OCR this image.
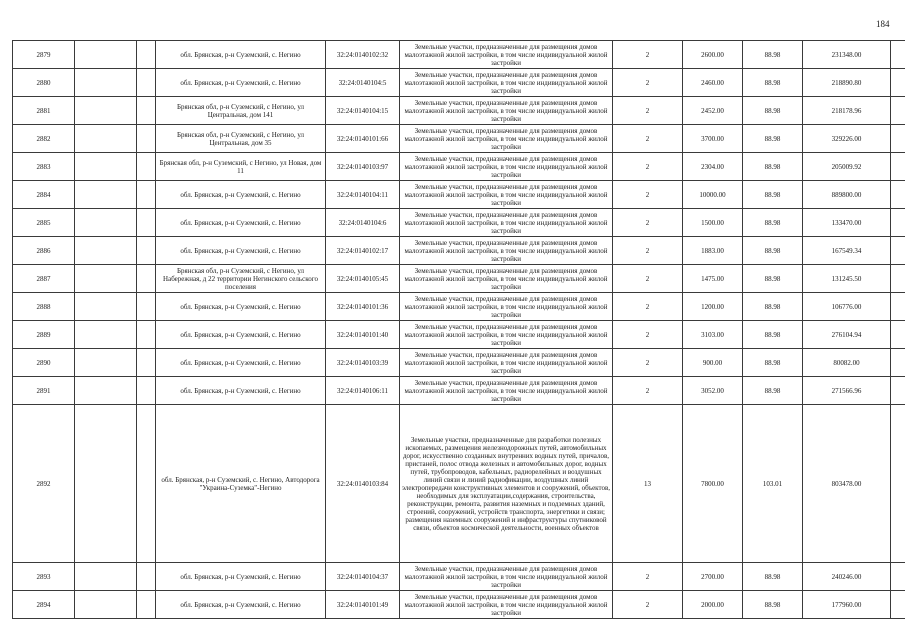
184
2879			обл. Брянская, р-н Суземский, с. Негино	32:24:0140102:32	Земельные участки, предназначенные для размещения домов малоэтажной жилой застройки, в том числе индивидуальной жилой застройки	2	2600.00	88.98	231348.00	
2880			обл. Брянская, р-н Суземский, с. Негино	32:24:0140104:5	Земельные участки, предназначенные для размещения домов малоэтажной жилой застройки, в том числе индивидуальной жилой застройки	2	2460.00	88.98	218890.80	
2881			Брянская обл, р-н Суземский, с Негино, ул Центральная, дом 141	32:24:0140104:15	Земельные участки, предназначенные для размещения домов малоэтажной жилой застройки, в том числе индивидуальной жилой застройки	2	2452.00	88.98	218178.96	
2882			Брянская обл, р-н Суземский, с Негино, ул Центральная, дом 35	32:24:0140101:66	Земельные участки, предназначенные для размещения домов малоэтажной жилой застройки, в том числе индивидуальной жилой застройки	2	3700.00	88.98	329226.00	
2883			Брянская обл, р-н Суземский, с Негино, ул Новая, дом 11	32:24:0140103:97	Земельные участки, предназначенные для размещения домов малоэтажной жилой застройки, в том числе индивидуальной жилой застройки	2	2304.00	88.98	205009.92	
2884			обл. Брянская, р-н Суземский, с. Негино	32:24:0140104:11	Земельные участки, предназначенные для размещения домов малоэтажной жилой застройки, в том числе индивидуальной жилой застройки	2	10000.00	88.98	889800.00	
2885			обл. Брянская, р-н Суземский, с. Негино	32:24:0140104:6	Земельные участки, предназначенные для размещения домов малоэтажной жилой застройки, в том числе индивидуальной жилой застройки	2	1500.00	88.98	133470.00	
2886			обл. Брянская, р-н Суземский, с. Негино	32:24:0140102:17	Земельные участки, предназначенные для размещения домов малоэтажной жилой застройки, в том числе индивидуальной жилой застройки	2	1883.00	88.98	167549.34	
2887			Брянская обл, р-н Суземский, с Негино, ул Набережная, д 22 территории Негинского сельского поселения	32:24:0140105:45	Земельные участки, предназначенные для размещения домов малоэтажной жилой застройки, в том числе индивидуальной жилой застройки	2	1475.00	88.98	131245.50	
2888			обл. Брянская, р-н Суземский, с. Негино	32:24:0140101:36	Земельные участки, предназначенные для размещения домов малоэтажной жилой застройки, в том числе индивидуальной жилой застройки	2	1200.00	88.98	106776.00	
2889			обл. Брянская, р-н Суземский, с. Негино	32:24:0140101:40	Земельные участки, предназначенные для размещения домов малоэтажной жилой застройки, в том числе индивидуальной жилой застройки	2	3103.00	88.98	276104.94	
2890			обл. Брянская, р-н Суземский, с. Негино	32:24:0140103:39	Земельные участки, предназначенные для размещения домов малоэтажной жилой застройки, в том числе индивидуальной жилой застройки	2	900.00	88.98	80082.00	
2891			обл. Брянская, р-н Суземский, с. Негино	32:24:0140106:11	Земельные участки, предназначенные для размещения домов малоэтажной жилой застройки, в том числе индивидуальной жилой застройки	2	3052.00	88.98	271566.96	
2892			обл. Брянская, р-н Суземский, с. Негино, Автодорога "Украина-Суземка"-Негино	32:24:0140103:84	Земельные участки, предназначенные для разработки полезных ископаемых, размещения железнодорожных путей, автомобильных дорог, искусственно созданных внутренних водных путей, причалов, пристаней, полос отвода железных и автомобильных дорог, водных путей, трубопроводов, кабельных, радиорелейных и воздушных линий связи и линий радиофикации, воздушных линий электропередачи конструктивных элементов и сооружений, объектов, необходимых для эксплуатации,содержания, строительства, реконструкции, ремонта, развития наземных и подземных зданий, строений, сооружений, устройств транспорта, энергетики и связи; размещения наземных сооружений и инфраструктуры спутниковой связи, объектов космической деятельности, военных объектов	13	7800.00	103.01	803478.00	
2893			обл. Брянская, р-н Суземский, с. Негино	32:24:0140104:37	Земельные участки, предназначенные для размещения домов малоэтажной жилой застройки, в том числе индивидуальной жилой застройки	2	2700.00	88.98	240246.00	
2894			обл. Брянская, р-н Суземский, с. Негино	32:24:0140101:49	Земельные участки, предназначенные для размещения домов малоэтажной жилой застройки, в том числе индивидуальной жилой застройки	2	2000.00	88.98	177960.00	
